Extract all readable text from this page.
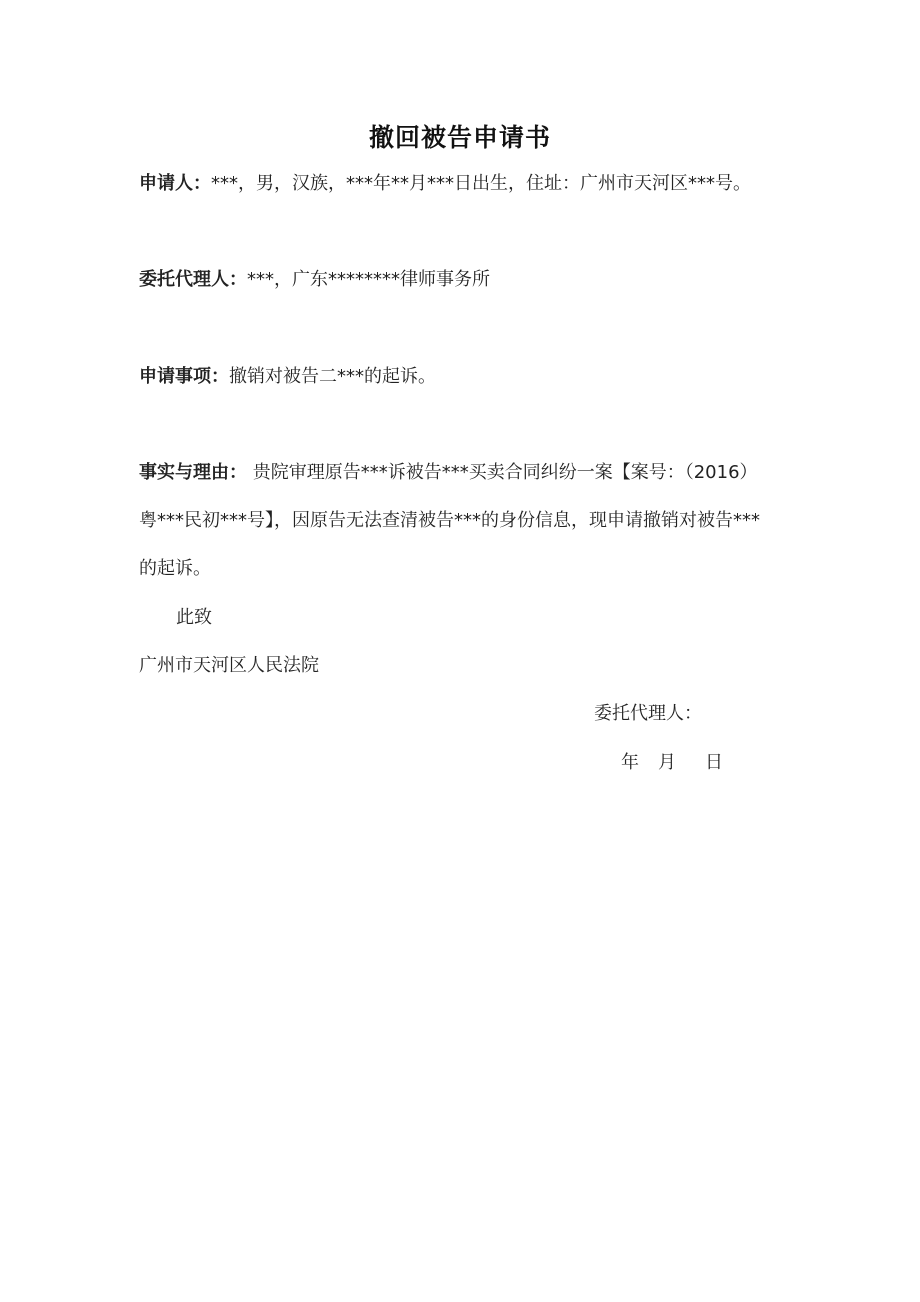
撤回被告申请书
申请人：***，男，汉族，***年**月***日出生，住址：广州市天河区***号。
委托代理人：***，广东********律师事务所
申请事项：撤销对被告二***的起诉。
事实与理由： 贵院审理原告***诉被告***买卖合同纠纷一案【案号：（2016）
粤***民初***号】，因原告无法查清被告***的身份信息，现申请撤销对被告***
的起诉。
此致
广州市天河区人民法院
委托代理人：
年 月 日
